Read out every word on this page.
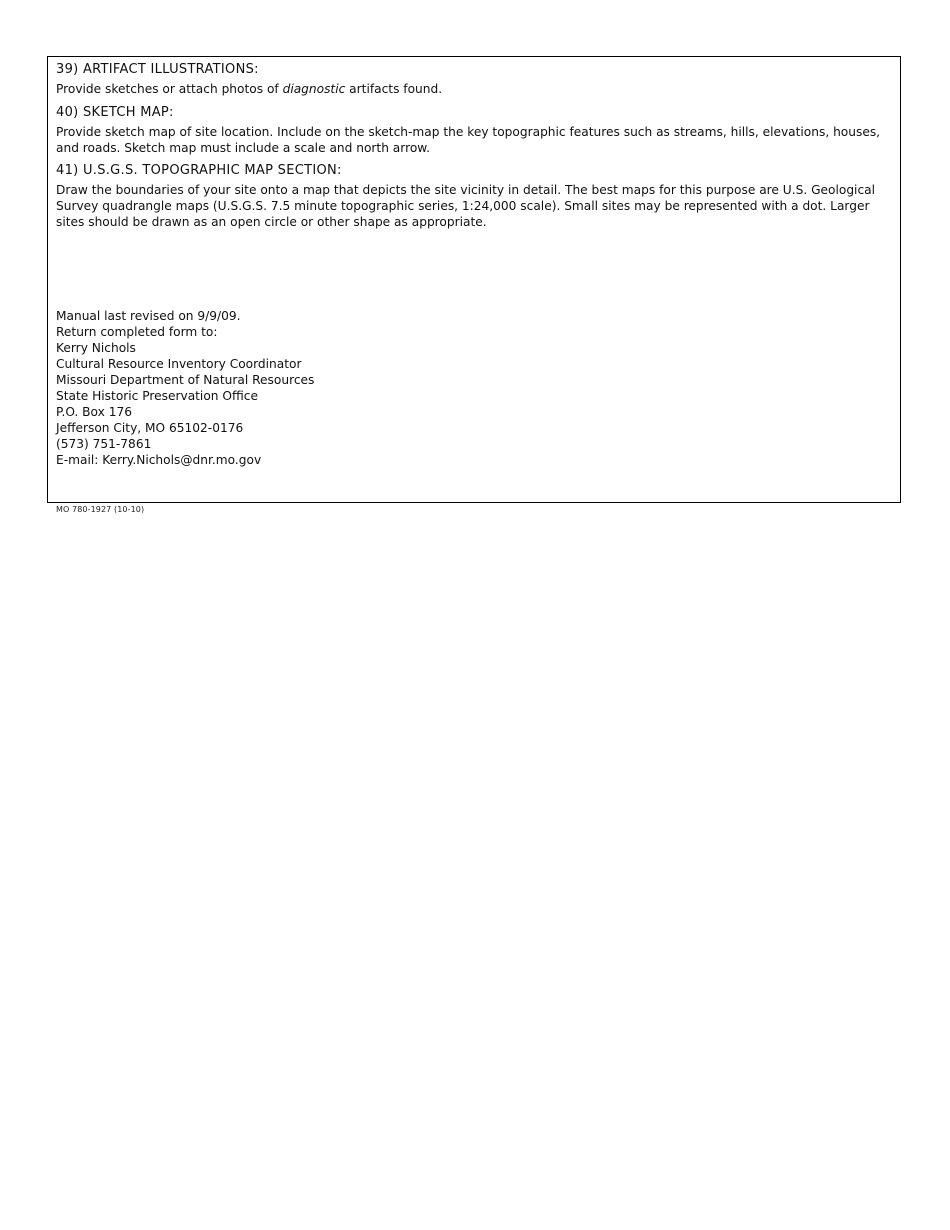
39) ARTIFACT ILLUSTRATIONS:

Provide sketches or attach photos of diagnostic artifacts found.

40) SKETCH MAP:

Provide sketch map of site location. Include on the sketch-map the key topographic features such as streams, hills, elevations, houses, and roads. Sketch map must include a scale and north arrow.

41) U.S.G.S. TOPOGRAPHIC MAP SECTION:

Draw the boundaries of your site onto a map that depicts the site vicinity in detail. The best maps for this purpose are U.S. Geological Survey quadrangle maps (U.S.G.S. 7.5 minute topographic series, 1:24,000 scale). Small sites may be represented with a dot. Larger sites should be drawn as an open circle or other shape as appropriate.

Manual last revised on 9/9/09.
Return completed form to:
Kerry Nichols
Cultural Resource Inventory Coordinator
Missouri Department of Natural Resources
State Historic Preservation Office
P.O. Box 176
Jefferson City, MO 65102-0176
(573) 751-7861
E-mail: Kerry.Nichols@dnr.mo.gov
MO 780-1927 (10-10)
